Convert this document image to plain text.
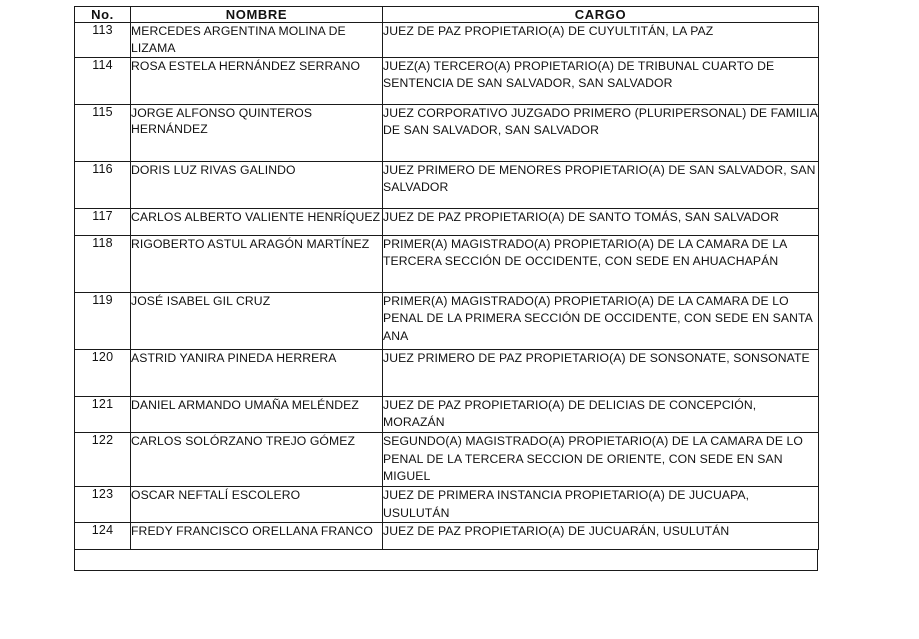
No.	NOMBRE	CARGO
113	MERCEDES ARGENTINA MOLINA DE LIZAMA	JUEZ DE PAZ PROPIETARIO(A) DE CUYULTITÁN, LA PAZ
114	ROSA ESTELA HERNÁNDEZ SERRANO	JUEZ(A) TERCERO(A) PROPIETARIO(A) DE TRIBUNAL CUARTO DE SENTENCIA DE SAN SALVADOR, SAN SALVADOR
115	JORGE ALFONSO QUINTEROS HERNÁNDEZ	JUEZ CORPORATIVO JUZGADO PRIMERO (PLURIPERSONAL) DE FAMILIA DE SAN SALVADOR, SAN SALVADOR
116	DORIS LUZ RIVAS GALINDO	JUEZ PRIMERO DE MENORES PROPIETARIO(A) DE SAN SALVADOR, SAN SALVADOR
117	CARLOS ALBERTO VALIENTE HENRÍQUEZ	JUEZ DE PAZ PROPIETARIO(A) DE SANTO TOMÁS, SAN SALVADOR
118	RIGOBERTO ASTUL ARAGÓN MARTÍNEZ	PRIMER(A) MAGISTRADO(A) PROPIETARIO(A) DE LA CAMARA DE LA TERCERA SECCIÓN DE OCCIDENTE, CON SEDE EN AHUACHAPÁN
119	JOSÉ ISABEL GIL CRUZ	PRIMER(A) MAGISTRADO(A) PROPIETARIO(A) DE LA CAMARA DE LO PENAL DE LA PRIMERA SECCIÓN DE OCCIDENTE, CON SEDE EN SANTA ANA
120	ASTRID YANIRA PINEDA HERRERA	JUEZ PRIMERO DE PAZ PROPIETARIO(A) DE SONSONATE, SONSONATE
121	DANIEL ARMANDO UMAÑA MELÉNDEZ	JUEZ DE PAZ PROPIETARIO(A) DE DELICIAS DE CONCEPCIÓN, MORAZÁN
122	CARLOS SOLÓRZANO TREJO GÓMEZ	SEGUNDO(A) MAGISTRADO(A) PROPIETARIO(A) DE LA CAMARA DE LO PENAL DE LA TERCERA SECCION DE ORIENTE, CON SEDE EN SAN MIGUEL
123	OSCAR NEFTALÍ ESCOLERO	JUEZ DE PRIMERA INSTANCIA PROPIETARIO(A) DE JUCUAPA, USULUTÁN
124	FREDY FRANCISCO ORELLANA FRANCO	JUEZ DE PAZ PROPIETARIO(A) DE JUCUARÁN, USULUTÁN
